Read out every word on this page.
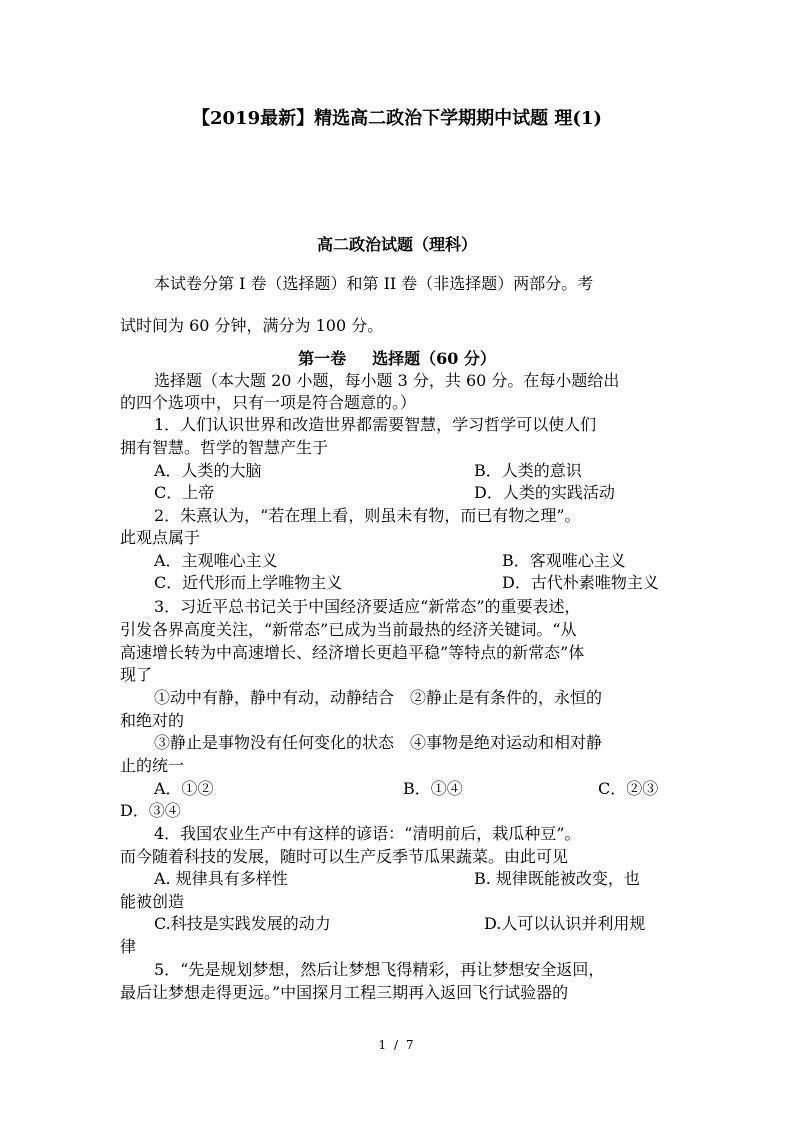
【2019最新】精选高二政治下学期期中试题 理(1)
高二政治试题（理科）
本试卷分第 I 卷（选择题）和第 II 卷（非选择题）两部分。考
试时间为 60 分钟，满分为 100 分。
第一卷 选择题（60 分）
选择题（本大题 20 小题，每小题 3 分，共 60 分。在每小题给出
的四个选项中，只有一项是符合题意的。）
1．人们认识世界和改造世界都需要智慧，学习哲学可以使人们
拥有智慧。哲学的智慧产生于
A．人类的大脑	B．人类的意识
C．上帝	D．人类的实践活动
2．朱熹认为，“若在理上看，则虽未有物，而已有物之理”。
此观点属于
A．主观唯心主义	B．客观唯心主义
C．近代形而上学唯物主义	D．古代朴素唯物主义
3．习近平总书记关于中国经济要适应“新常态”的重要表述，
引发各界高度关注，“新常态”已成为当前最热的经济关键词。“从
高速增长转为中高速增长、经济增长更趋平稳”等特点的新常态”体
现了
①动中有静，静中有动，动静结合　②静止是有条件的，永恒的
和绝对的
③静止是事物没有任何变化的状态　④事物是绝对运动和相对静
止的统一
A．①②	B．①④	C．②③
D．③④
4．我国农业生产中有这样的谚语：“清明前后，栽瓜种豆”。
而今随着科技的发展，随时可以生产反季节瓜果蔬菜。由此可见
A. 规律具有多样性	B. 规律既能被改变，也
能被创造
C.科技是实践发展的动力	D.人可以认识并利用规
律
5．“先是规划梦想，然后让梦想飞得精彩，再让梦想安全返回，
最后让梦想走得更远。”中国探月工程三期再入返回飞行试验器的
1 / 7
